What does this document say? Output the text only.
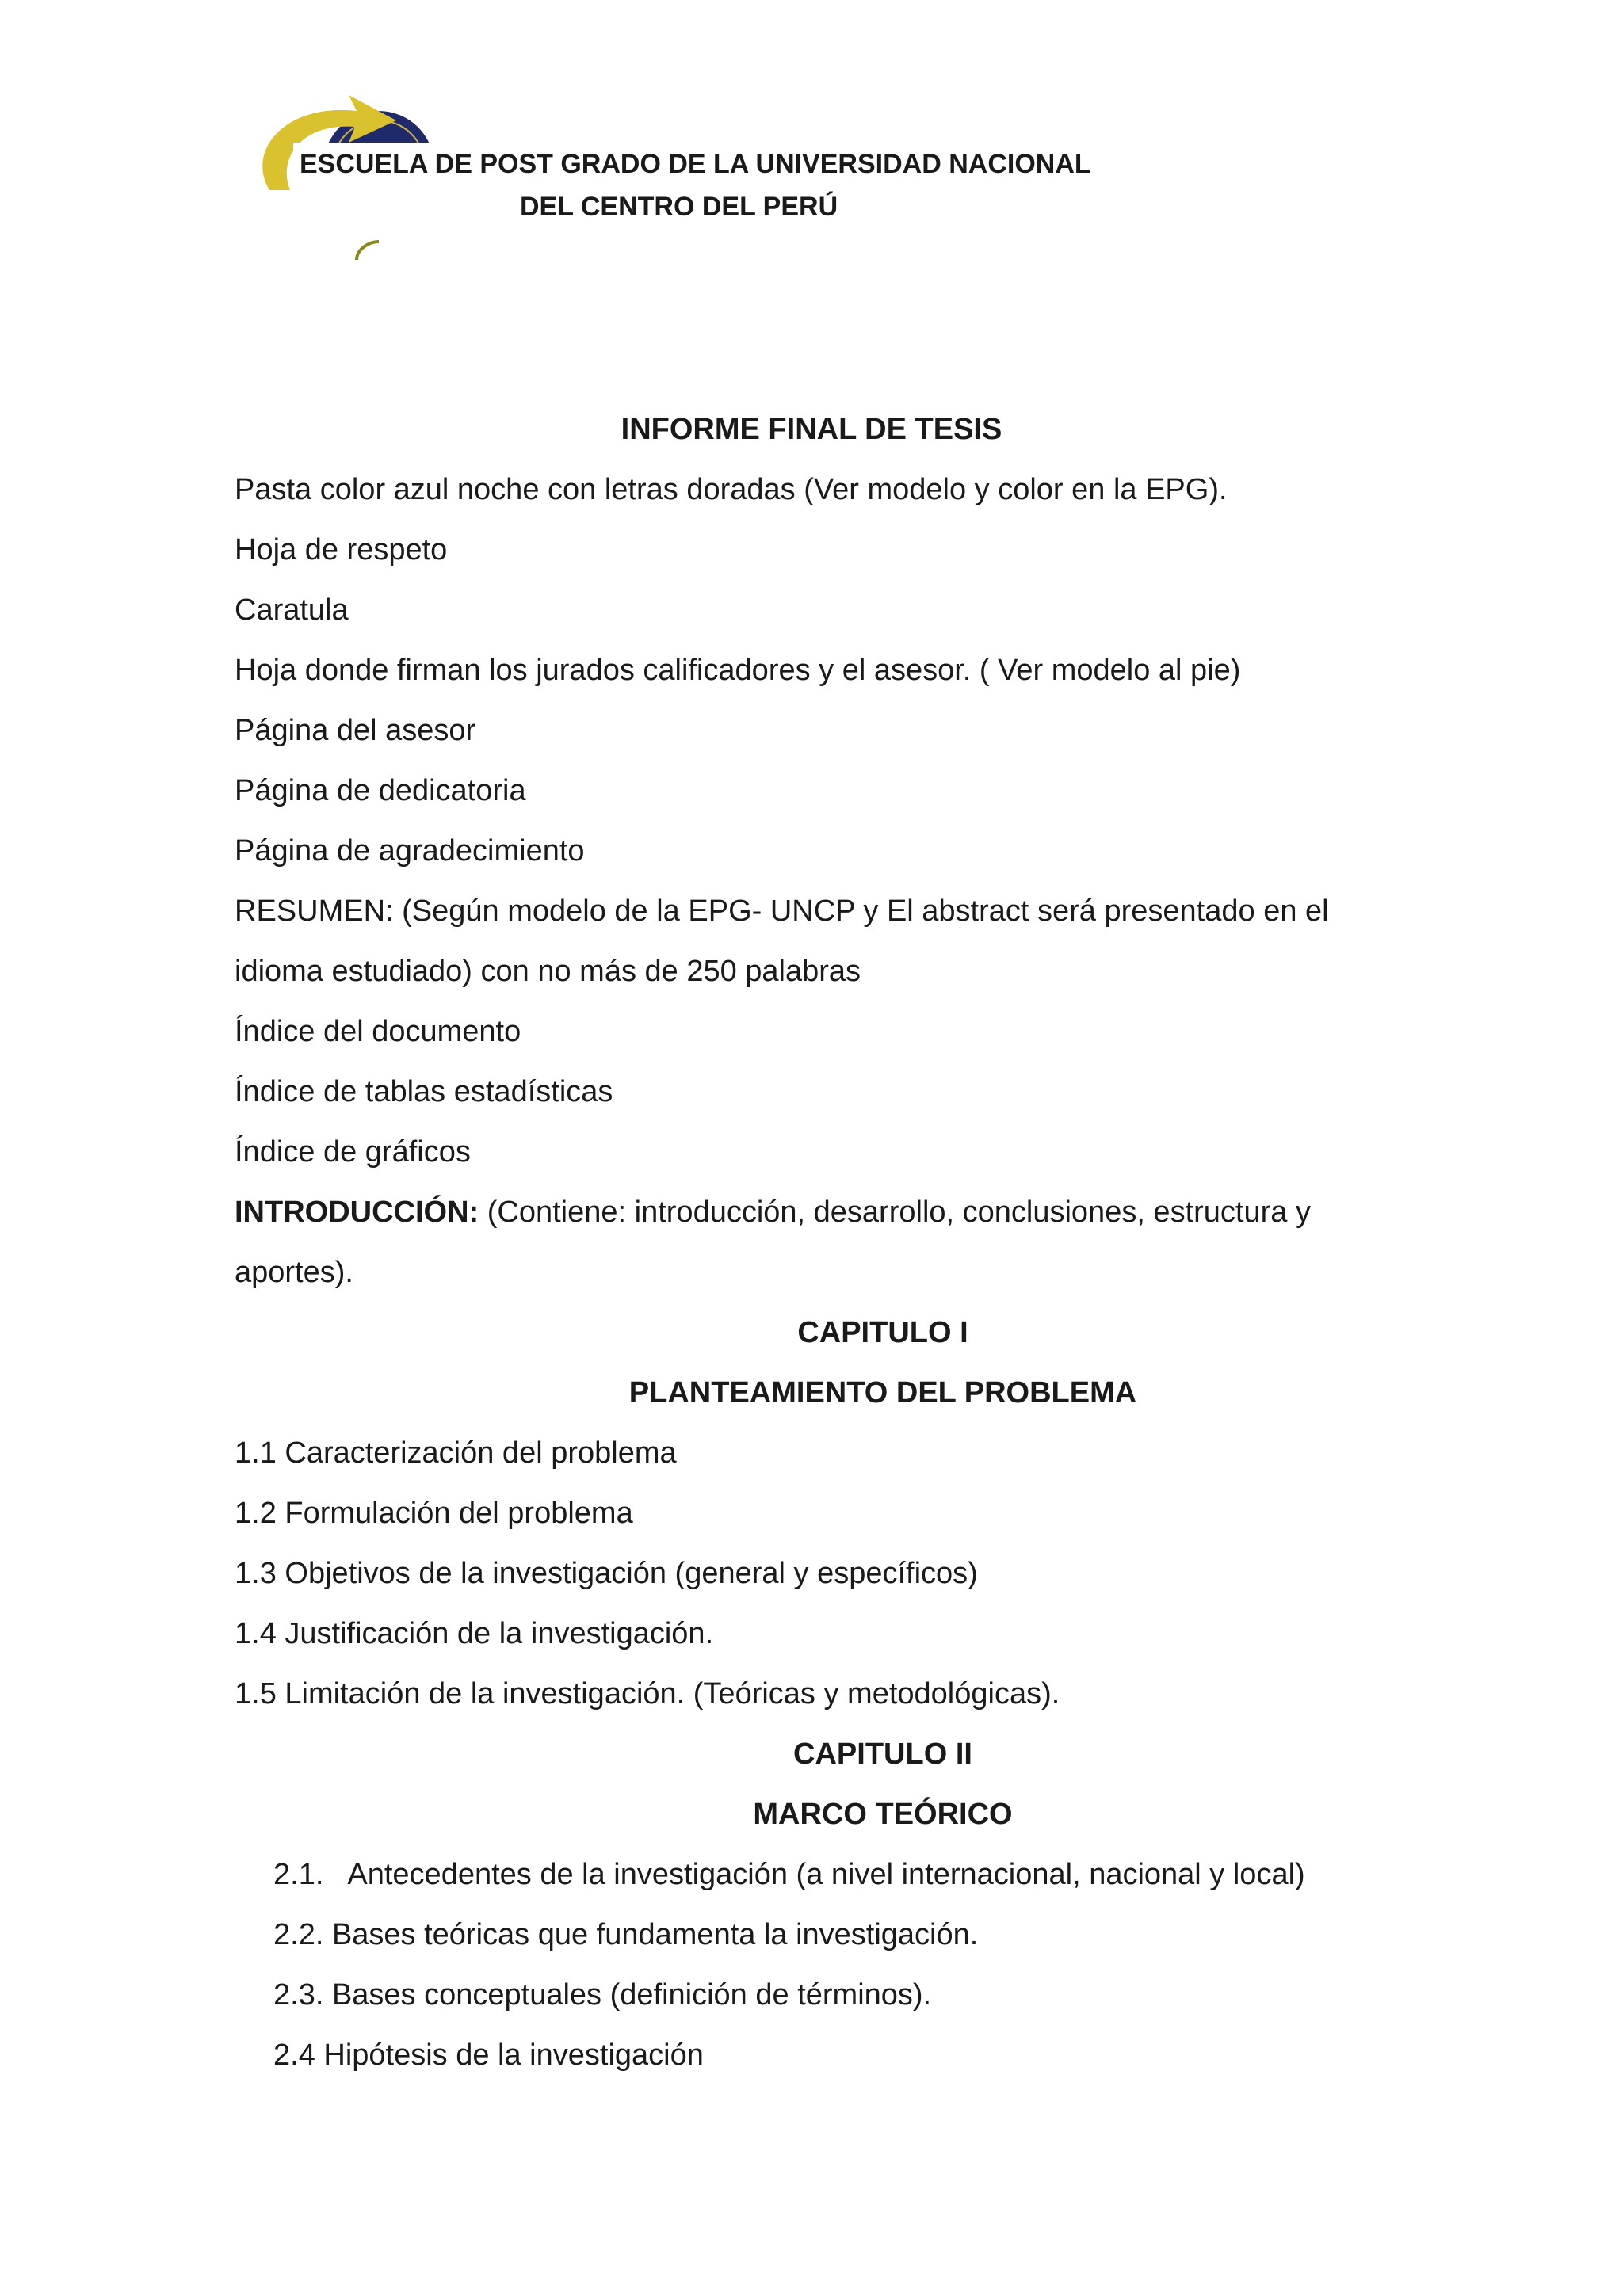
ESCUELA DE POST GRADO DE LA UNIVERSIDAD NACIONAL
DEL CENTRO DEL PERÚ
INFORME FINAL DE TESIS
Pasta color azul noche con letras doradas (Ver modelo y color en la EPG).
Hoja de respeto
Caratula
Hoja donde firman los jurados calificadores y el asesor. ( Ver modelo al pie)
Página del asesor
Página de dedicatoria
Página de agradecimiento
RESUMEN: (Según modelo de la EPG- UNCP y El abstract será presentado en el
idioma estudiado) con no más de 250 palabras
Índice del documento
Índice de tablas estadísticas
Índice de gráficos
INTRODUCCIÓN: (Contiene: introducción, desarrollo, conclusiones, estructura y
aportes).
CAPITULO I
PLANTEAMIENTO DEL PROBLEMA
1.1 Caracterización del problema
1.2 Formulación del problema
1.3 Objetivos de la investigación (general y específicos)
1.4 Justificación de la investigación.
1.5 Limitación de la investigación. (Teóricas y metodológicas).
CAPITULO II
MARCO TEÓRICO
2.1. Antecedentes de la investigación (a nivel internacional, nacional y local)
2.2. Bases teóricas que fundamenta la investigación.
2.3. Bases conceptuales (definición de términos).
2.4 Hipótesis de la investigación
